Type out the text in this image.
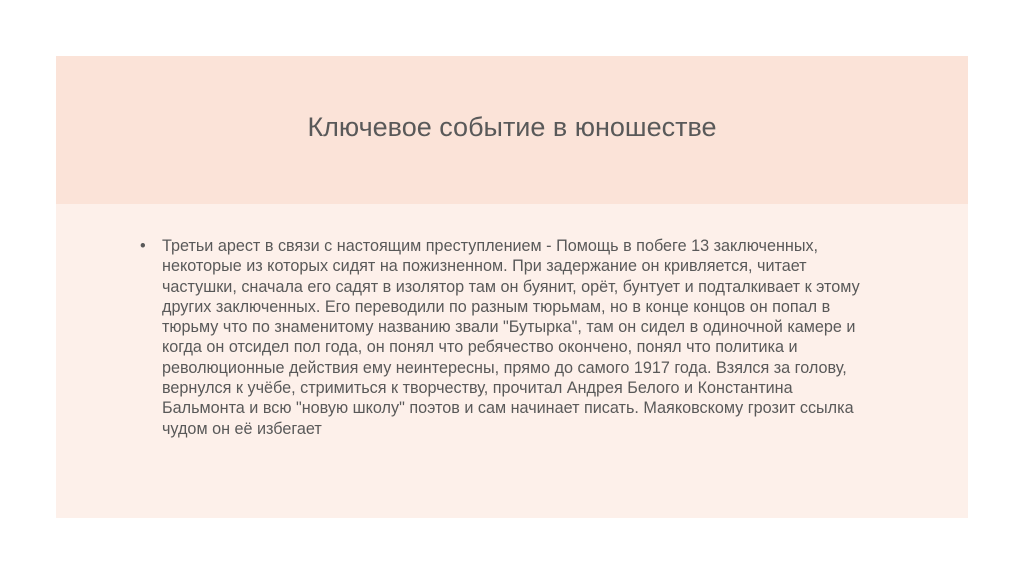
Ключевое событие в юношестве
• Третьи арест в связи с настоящим преступлением - Помощь в побеге 13 заключенных, некоторые из которых сидят на пожизненном. При задержание он кривляется, читает частушки, сначала его садят в изолятор там он буянит, орёт, бунтует и подталкивает к этому других заключенных. Его переводили по разным тюрьмам, но в конце концов он попал в тюрьму что по знаменитому названию звали "Бутырка", там он сидел в одиночной камере и когда он отсидел пол года, он понял что ребячество окончено, понял что политика и революционные действия ему неинтересны, прямо до самого 1917 года. Взялся за голову, вернулся к учёбе, стримиться к творчеству, прочитал Андрея Белого и Константина Бальмонта и всю "новую школу" поэтов и сам начинает писать. Маяковскому грозит ссылка чудом он её избегает
